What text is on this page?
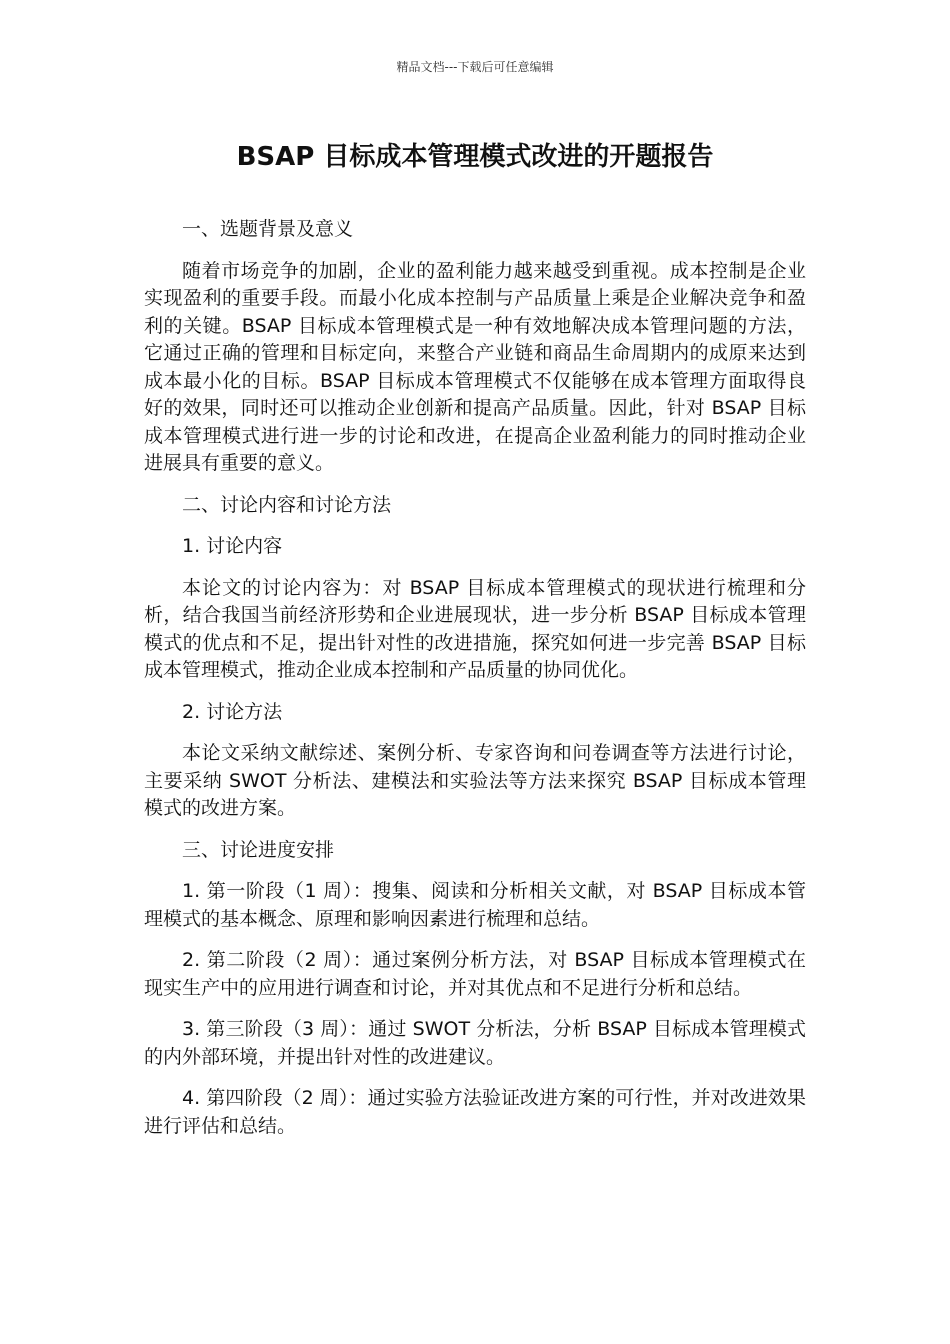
精品文档---下载后可任意编辑
BSAP 目标成本管理模式改进的开题报告

一、选题背景及意义

随着市场竞争的加剧，企业的盈利能力越来越受到重视。成本控制是企业实现盈利的重要手段。而最小化成本控制与产品质量上乘是企业解决竞争和盈利的关键。BSAP 目标成本管理模式是一种有效地解决成本管理问题的方法，它通过正确的管理和目标定向，来整合产业链和商品生命周期内的成原来达到成本最小化的目标。BSAP 目标成本管理模式不仅能够在成本管理方面取得良好的效果，同时还可以推动企业创新和提高产品质量。因此，针对 BSAP 目标成本管理模式进行进一步的讨论和改进，在提高企业盈利能力的同时推动企业进展具有重要的意义。

二、讨论内容和讨论方法

1. 讨论内容

本论文的讨论内容为：对 BSAP 目标成本管理模式的现状进行梳理和分析，结合我国当前经济形势和企业进展现状，进一步分析 BSAP 目标成本管理模式的优点和不足，提出针对性的改进措施，探究如何进一步完善 BSAP 目标成本管理模式，推动企业成本控制和产品质量的协同优化。

2. 讨论方法

本论文采纳文献综述、案例分析、专家咨询和问卷调查等方法进行讨论，主要采纳 SWOT 分析法、建模法和实验法等方法来探究 BSAP 目标成本管理模式的改进方案。

三、讨论进度安排

1. 第一阶段（1 周）：搜集、阅读和分析相关文献，对 BSAP 目标成本管理模式的基本概念、原理和影响因素进行梳理和总结。

2. 第二阶段（2 周）：通过案例分析方法，对 BSAP 目标成本管理模式在现实生产中的应用进行调查和讨论，并对其优点和不足进行分析和总结。

3. 第三阶段（3 周）：通过 SWOT 分析法，分析 BSAP 目标成本管理模式的内外部环境，并提出针对性的改进建议。

4. 第四阶段（2 周）：通过实验方法验证改进方案的可行性，并对改进效果进行评估和总结。
